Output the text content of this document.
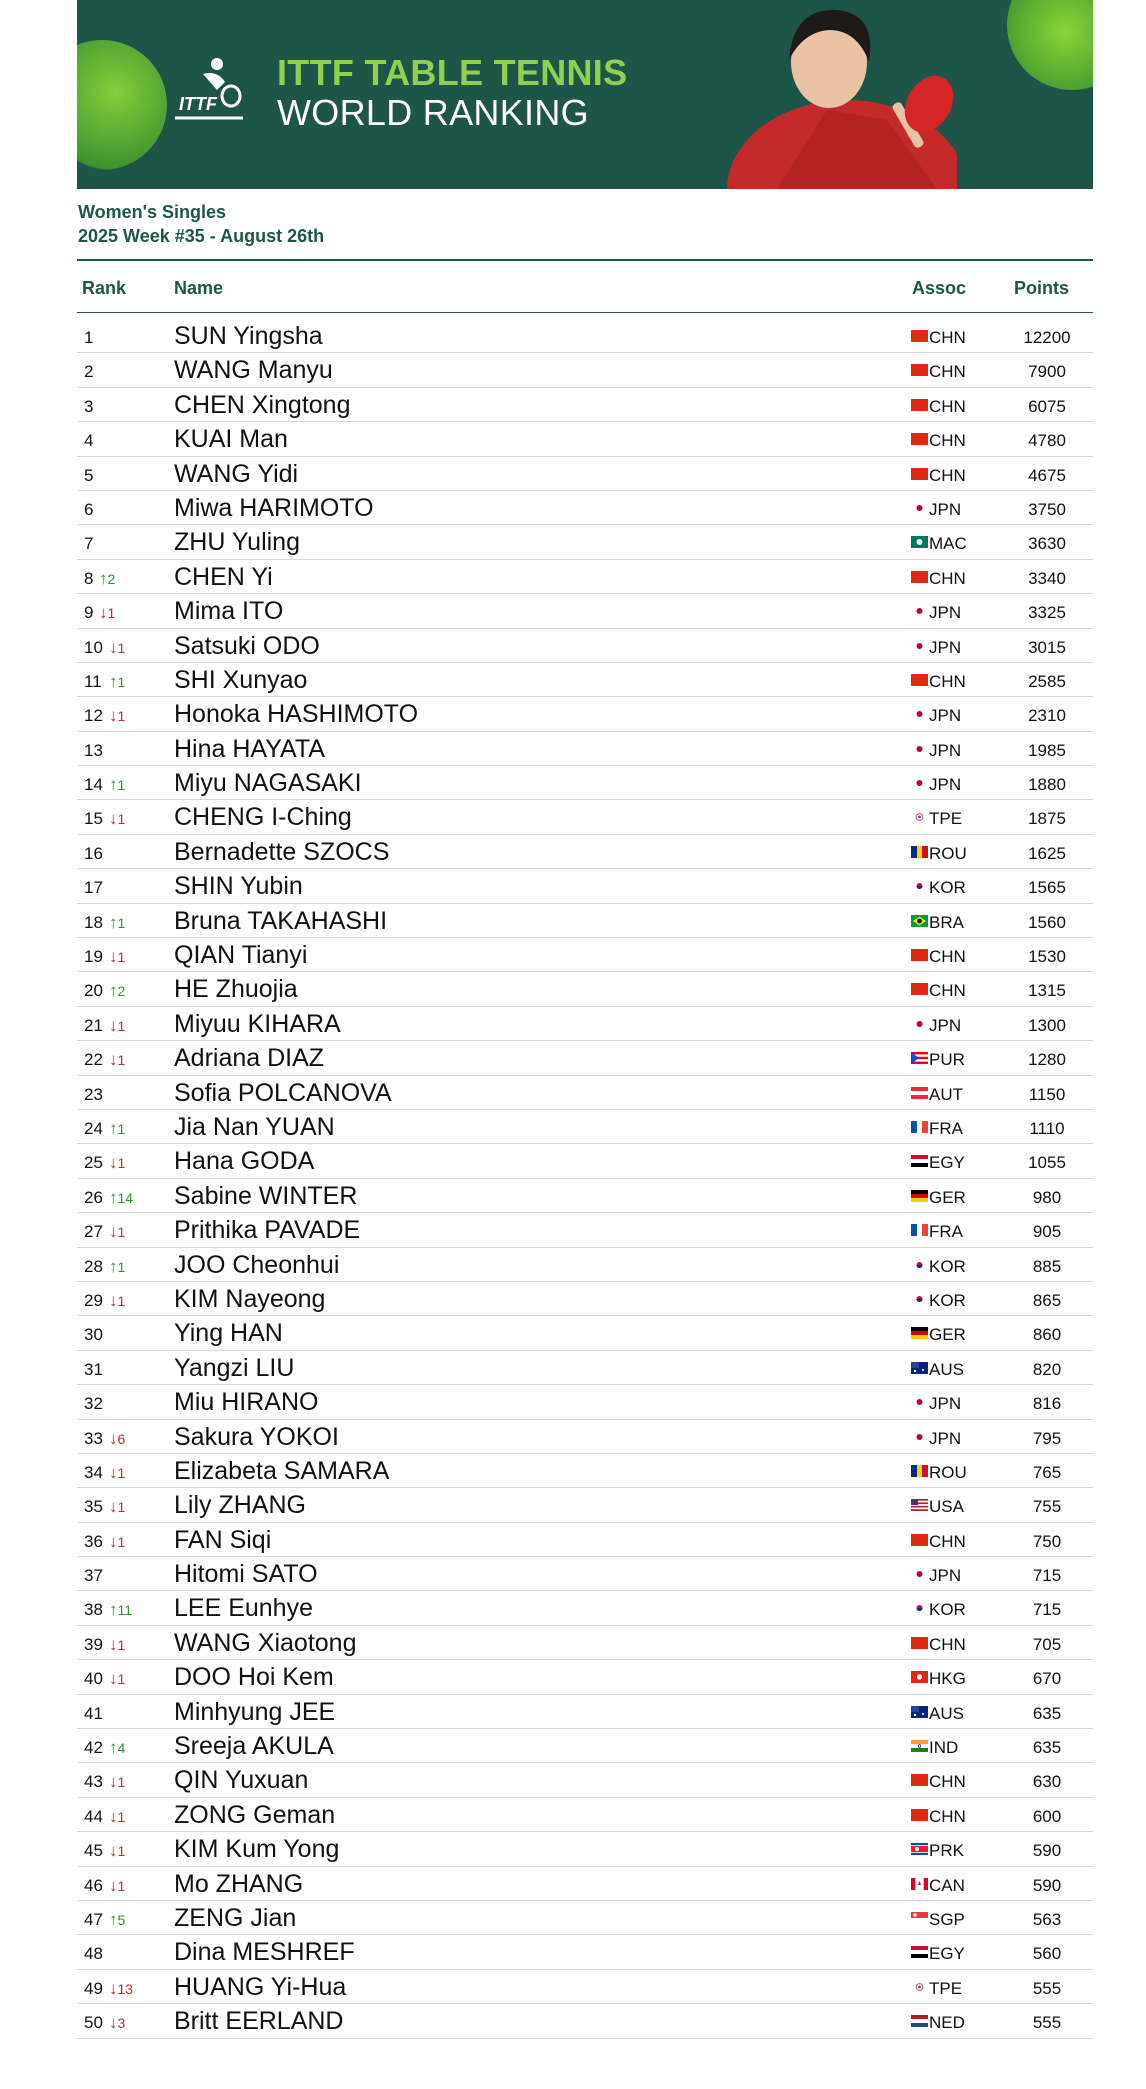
ITTF
ITTF TABLE TENNIS
WORLD RANKING
Women's Singles
2025 Week #35 - August 26th
Rank	Name	Assoc	Points
1	SUN Yingsha	CHN	12200
2	WANG Manyu	CHN	7900
3	CHEN Xingtong	CHN	6075
4	KUAI Man	CHN	4780
5	WANG Yidi	CHN	4675
6	Miwa HARIMOTO	JPN	3750
7	ZHU Yuling	MAC	3630
8 ↑2 CHEN Yi	CHN	3340
9 ↓1 Mima ITO	JPN	3325
10 ↓1 Satsuki ODO	JPN	3015
11 ↑1 SHI Xunyao	CHN	2585
12 ↓1 Honoka HASHIMOTO	JPN	2310
13	Hina HAYATA	JPN	1985
14 ↑1 Miyu NAGASAKI	JPN	1880
15 ↓1 CHENG I-Ching	TPE	1875
16	Bernadette SZOCS	ROU	1625
17	SHIN Yubin	KOR	1565
18 ↑1 Bruna TAKAHASHI	BRA	1560
19 ↓1 QIAN Tianyi	CHN	1530
20 ↑2 HE Zhuojia	CHN	1315
21 ↓1 Miyuu KIHARA	JPN	1300
22 ↓1 Adriana DIAZ	PUR	1280
23	Sofia POLCANOVA	AUT	1150
24 ↑1 Jia Nan YUAN	FRA	1110
25 ↓1 Hana GODA	EGY	1055
26 ↑14 Sabine WINTER	GER	980
27 ↓1 Prithika PAVADE	FRA	905
28 ↑1 JOO Cheonhui	KOR	885
29 ↓1 KIM Nayeong	KOR	865
30	Ying HAN	GER	860
31	Yangzi LIU	AUS	820
32	Miu HIRANO	JPN	816
33 ↓6 Sakura YOKOI	JPN	795
34 ↓1 Elizabeta SAMARA	ROU	765
35 ↓1 Lily ZHANG	USA	755
36 ↓1 FAN Siqi	CHN	750
37	Hitomi SATO	JPN	715
38 ↑11 LEE Eunhye	KOR	715
39 ↓1 WANG Xiaotong	CHN	705
40 ↓1 DOO Hoi Kem	HKG	670
41	Minhyung JEE	AUS	635
42 ↑4 Sreeja AKULA	IND	635
43 ↓1 QIN Yuxuan	CHN	630
44 ↓1 ZONG Geman	CHN	600
45 ↓1 KIM Kum Yong	PRK	590
46 ↓1 Mo ZHANG	CAN	590
47 ↑5 ZENG Jian	SGP	563
48	Dina MESHREF	EGY	560
49 ↓13 HUANG Yi-Hua	TPE	555
50 ↓3 Britt EERLAND	NED	555
